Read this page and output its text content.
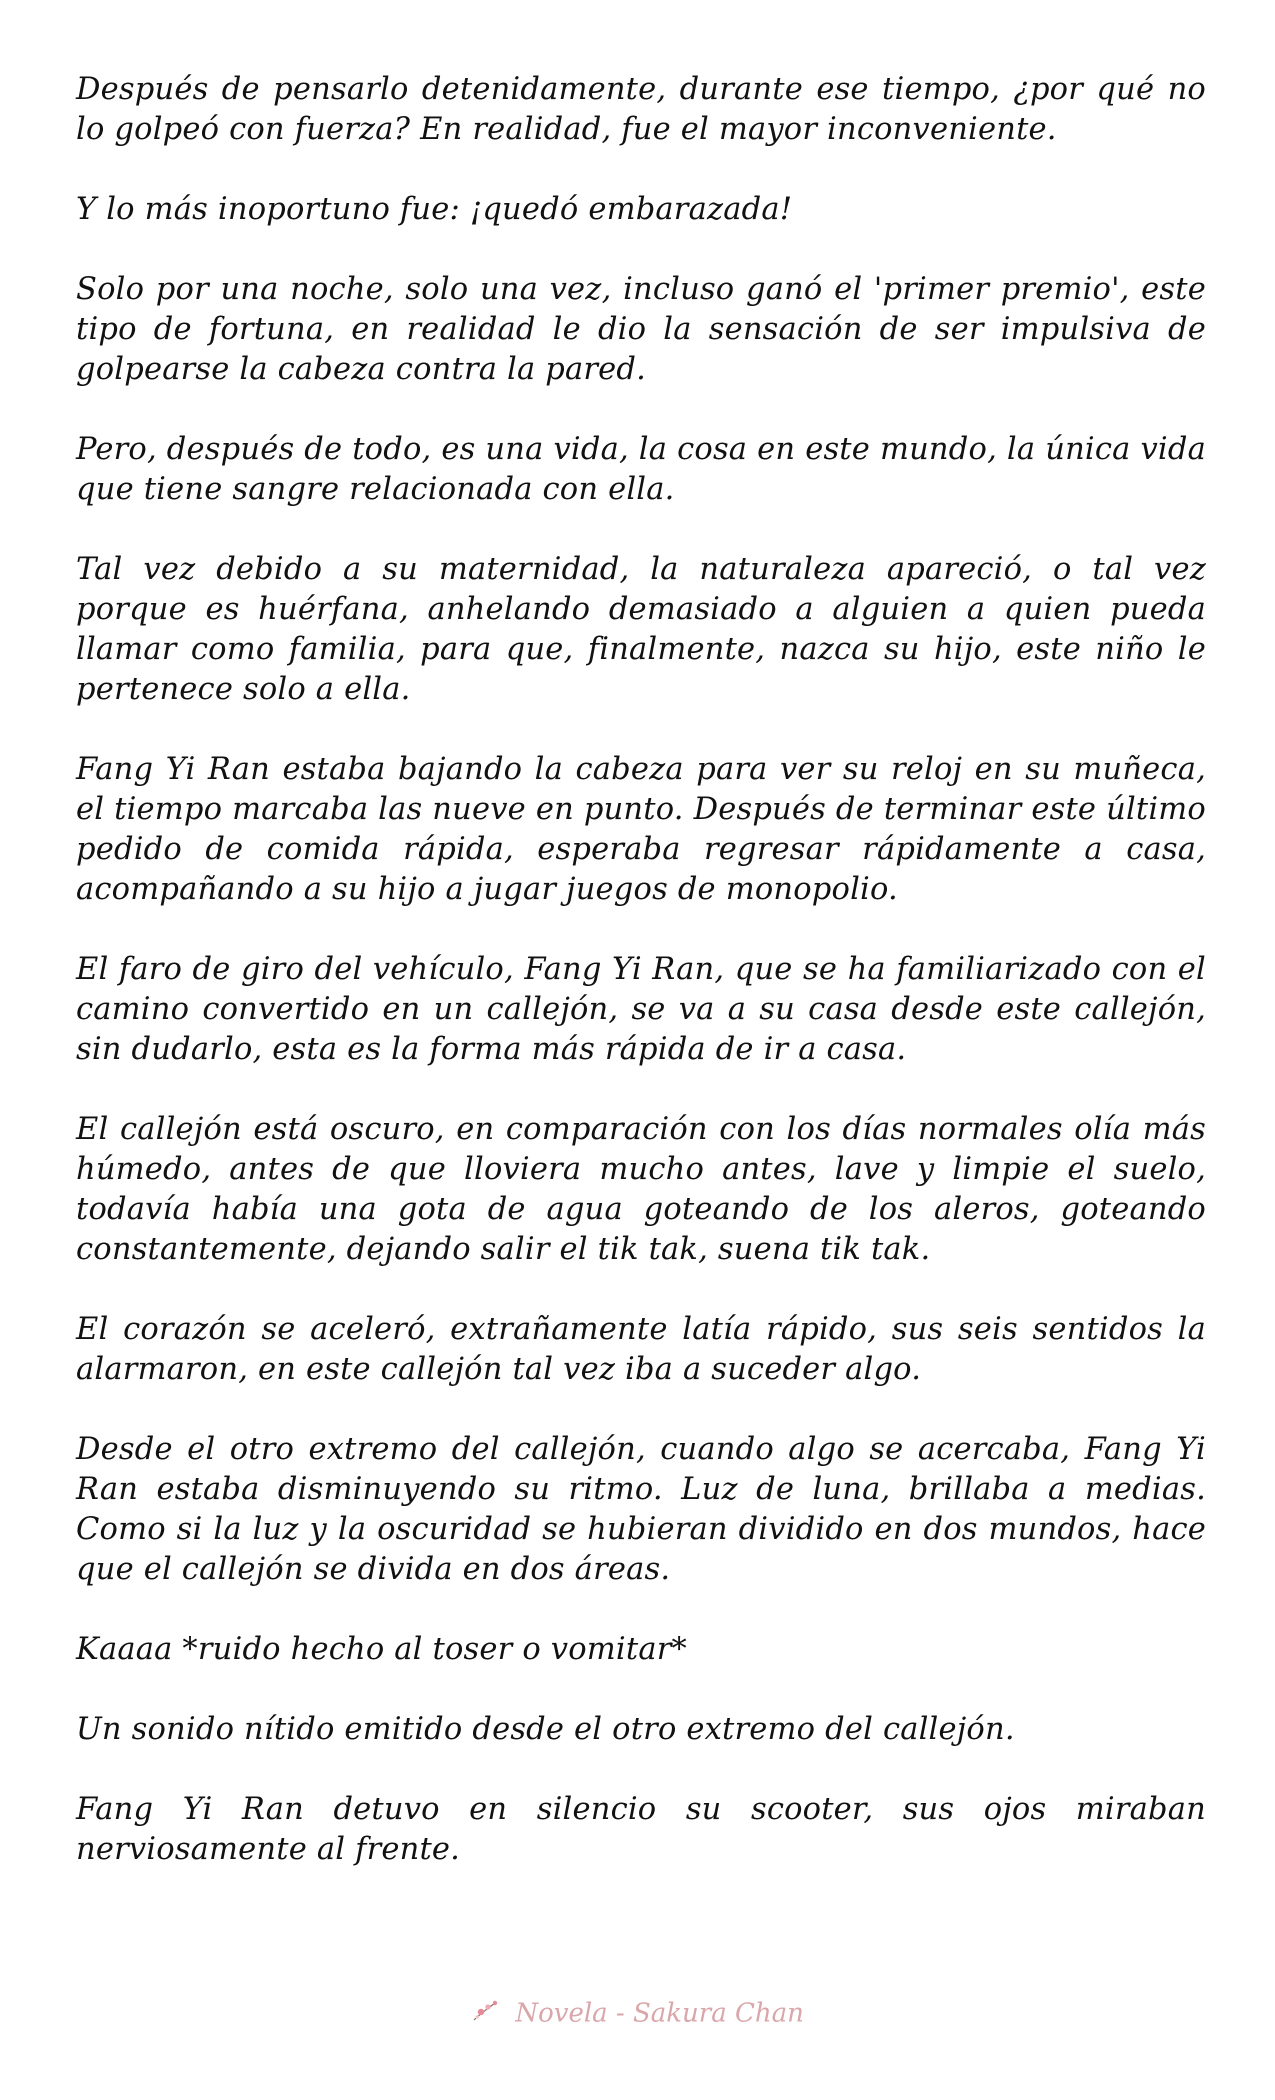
Después de pensarlo detenidamente, durante ese tiempo, ¿por qué no lo golpeó con fuerza? En realidad, fue el mayor inconveniente.

Y lo más inoportuno fue: ¡quedó embarazada!

Solo por una noche, solo una vez, incluso ganó el 'primer premio', este tipo de fortuna, en realidad le dio la sensación de ser impulsiva de golpearse la cabeza contra la pared.

Pero, después de todo, es una vida, la cosa en este mundo, la única vida que tiene sangre relacionada con ella.

Tal vez debido a su maternidad, la naturaleza apareció, o tal vez porque es huérfana, anhelando demasiado a alguien a quien pueda llamar como familia, para que, finalmente, nazca su hijo, este niño le pertenece solo a ella.

Fang Yi Ran estaba bajando la cabeza para ver su reloj en su muñeca, el tiempo marcaba las nueve en punto. Después de terminar este último pedido de comida rápida, esperaba regresar rápidamente a casa, acompañando a su hijo a jugar juegos de monopolio.

El faro de giro del vehículo, Fang Yi Ran, que se ha familiarizado con el camino convertido en un callejón, se va a su casa desde este callejón, sin dudarlo, esta es la forma más rápida de ir a casa.

El callejón está oscuro, en comparación con los días normales olía más húmedo, antes de que lloviera mucho antes, lave y limpie el suelo, todavía había una gota de agua goteando de los aleros, goteando constantemente, dejando salir el tik tak, suena tik tak.

El corazón se aceleró, extrañamente latía rápido, sus seis sentidos la alarmaron, en este callejón tal vez iba a suceder algo.

Desde el otro extremo del callejón, cuando algo se acercaba, Fang Yi Ran estaba disminuyendo su ritmo. Luz de luna, brillaba a medias. Como si la luz y la oscuridad se hubieran dividido en dos mundos, hace que el callejón se divida en dos áreas.

Kaaaa *ruido hecho al toser o vomitar*

Un sonido nítido emitido desde el otro extremo del callejón.

Fang Yi Ran detuvo en silencio su scooter, sus ojos miraban nerviosamente al frente.

Novela - Sakura Chan
